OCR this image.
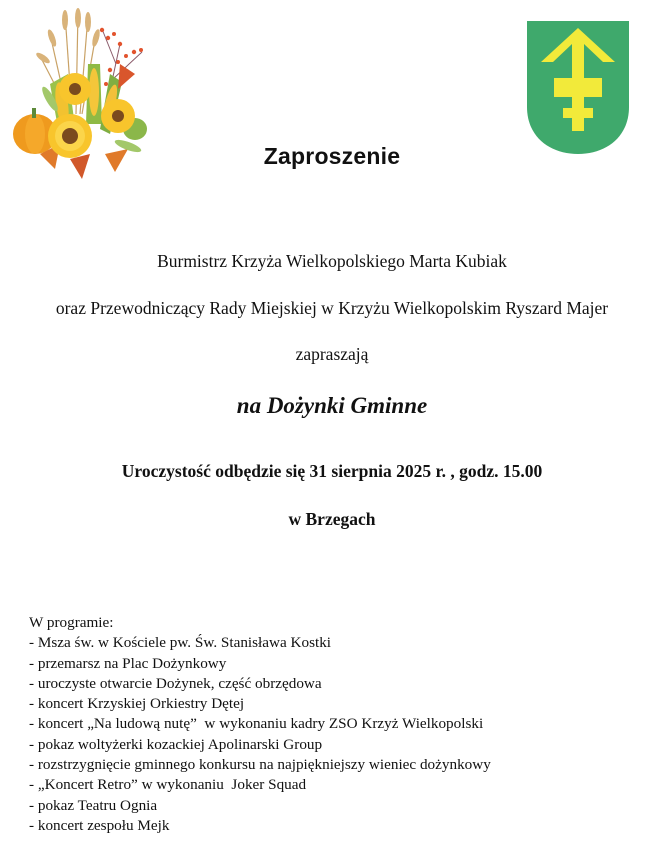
Zaproszenie
Burmistrz Krzyża Wielkopolskiego Marta Kubiak
oraz Przewodniczący Rady Miejskiej w Krzyżu Wielkopolskim Ryszard Majer
zapraszają
na Dożynki Gminne
Uroczystość odbędzie się 31 sierpnia 2025 r. , godz. 15.00
w Brzegach
W programie:
- Msza św. w Kościele pw. Św. Stanisława Kostki
- przemarsz na Plac Dożynkowy
- uroczyste otwarcie Dożynek, część obrzędowa
- koncert Krzyskiej Orkiestry Dętej
- koncert „Na ludową nutę”  w wykonaniu kadry ZSO Krzyż Wielkopolski
- pokaz woltyżerki kozackiej Apolinarski Group
- rozstrzygnięcie gminnego konkursu na najpiękniejszy wieniec dożynkowy
- „Koncert Retro” w wykonaniu  Joker Squad
- pokaz Teatru Ognia
- koncert zespołu Mejk
